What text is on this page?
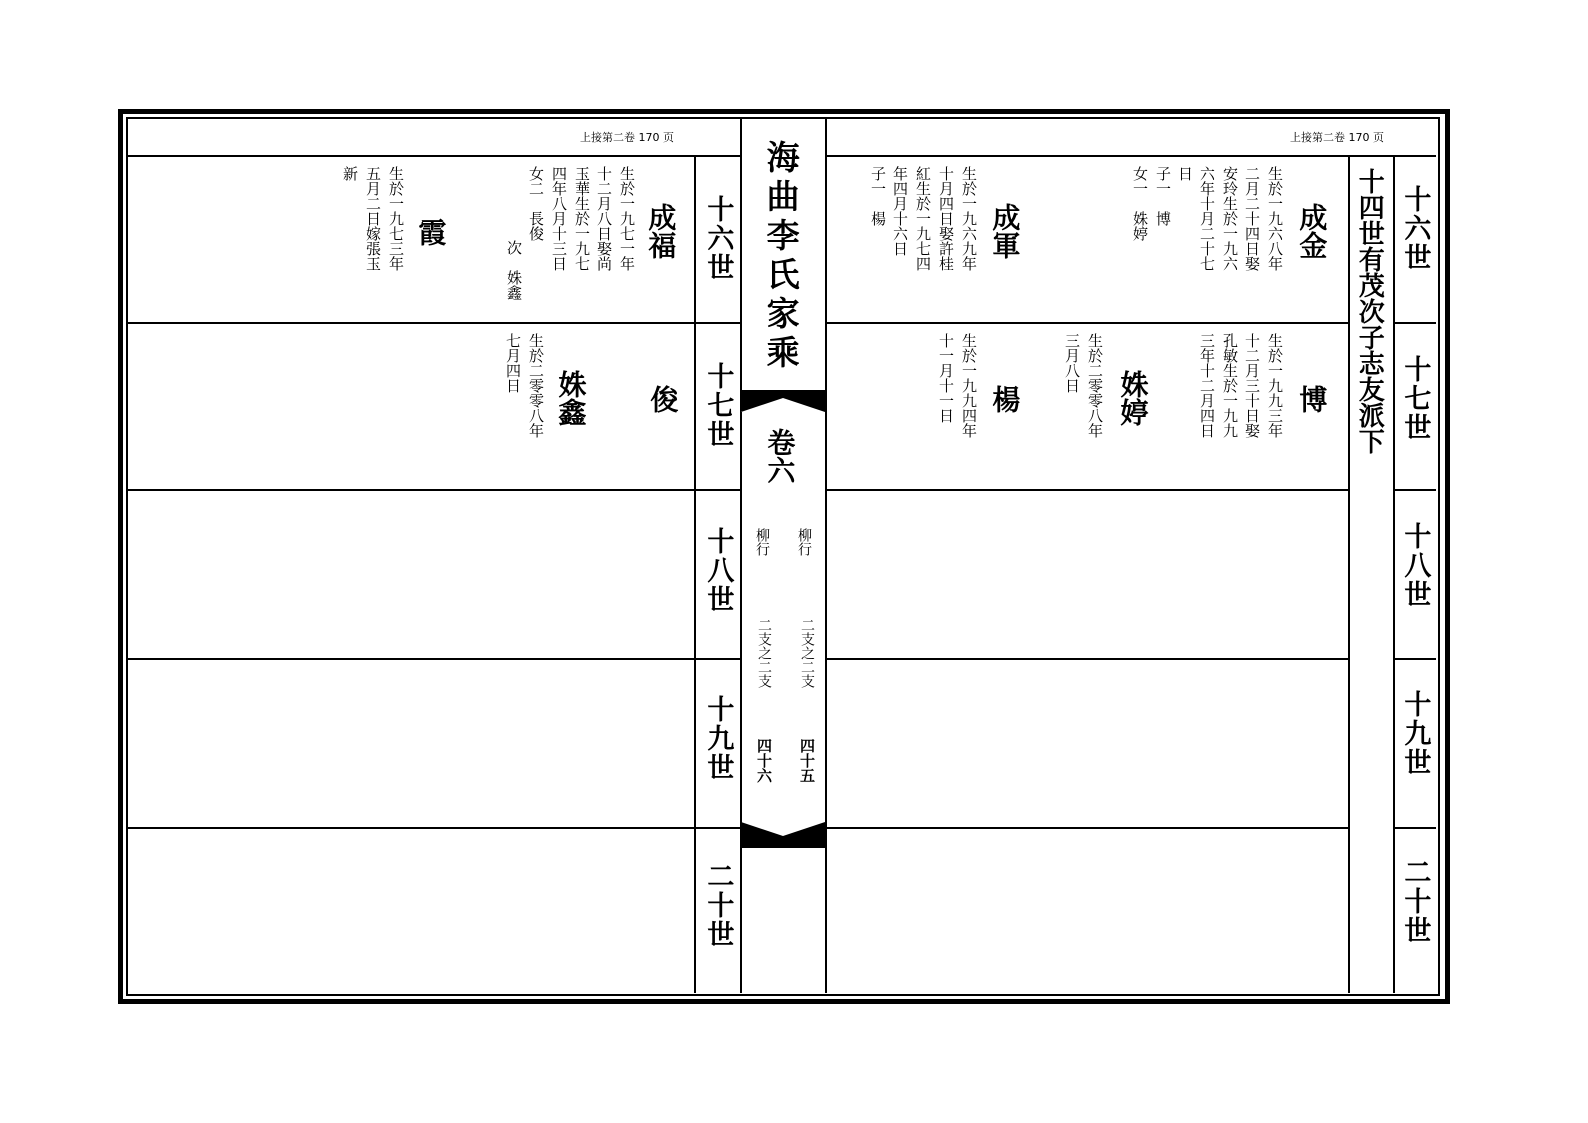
上接第二卷 170 页	上接第二卷 170 页
海曲李氏家乘
卷六
柳行
柳行
二支之二支
二支之二支
四十五
四十六
十四世有茂次子志友派下
十六世
十七世
十八世
十九世
二十世
十六世
十七世
十八世
十九世
二十世
成金
生於一九六八年
二月二十四日娶
安玲生於一九六
六年十月二十七
日
子一　博
女一　姝婷
成軍
生於一九六九年
十月四日娶許桂
紅生於一九七四
年四月十六日
子一　楊
博
生於一九九三年
十二月三十日娶
孔敏生於一九九
三年十二月四日
姝婷
生於二零零八年
三月八日
楊
生於一九九四年
十一月十一日
成福
生於一九七一年
十二月八日娶尚
玉華生於一九七
四年八月十三日
女二　長俊
次　姝鑫
霞
生於一九七三年
五月二日嫁張玉
新
俊
姝鑫
生於二零零八年
七月四日
